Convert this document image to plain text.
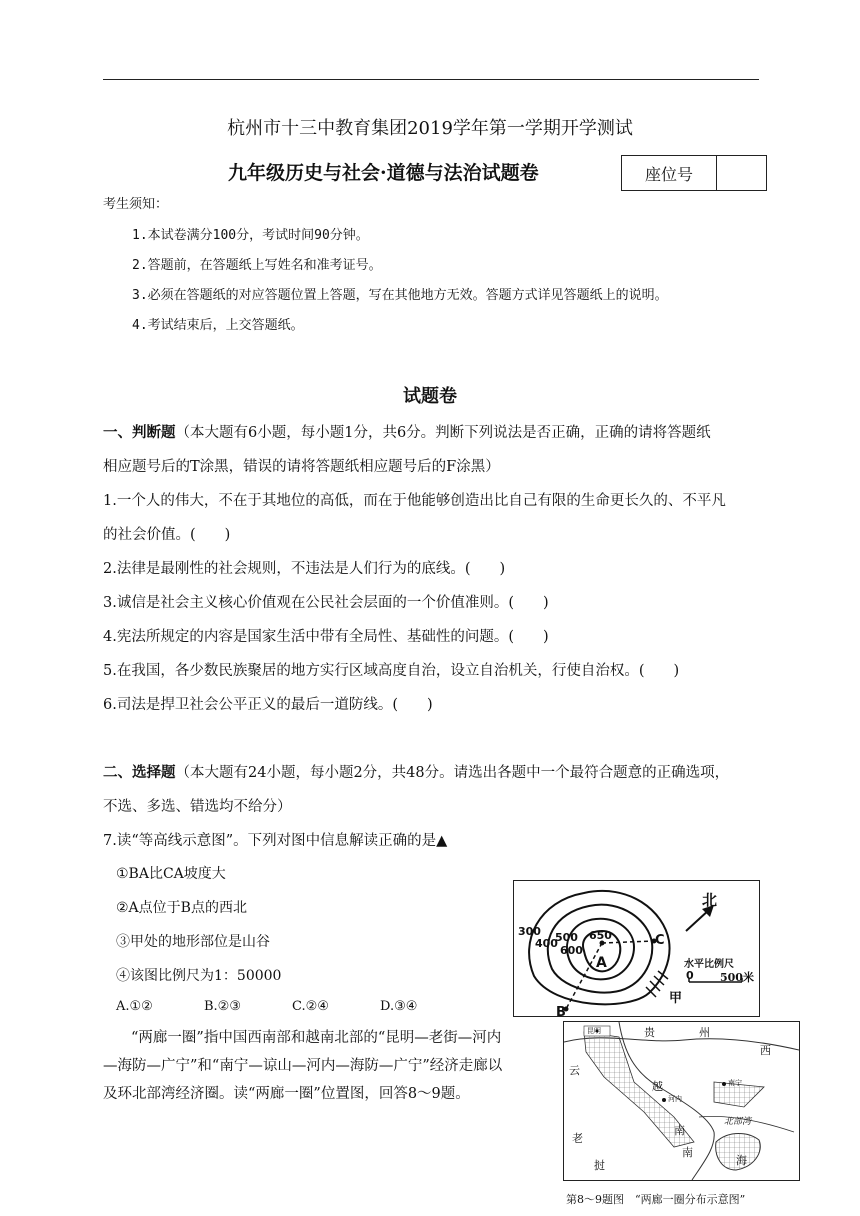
杭州市十三中教育集团2019学年第一学期开学测试
九年级历史与社会·道德与法治试题卷	座位号
考生须知：
1.本试卷满分100分，考试时间90分钟。
2.答题前，在答题纸上写姓名和准考证号。
3.必须在答题纸的对应答题位置上答题，写在其他地方无效。答题方式详见答题纸上的说明。
4.考试结束后，上交答题纸。
试题卷
一、判断题（本大题有6小题，每小题1分，共6分。判断下列说法是否正确，正确的请将答题纸
相应题号后的T涂黑，错误的请将答题纸相应题号后的F涂黑）
1.一个人的伟大，不在于其地位的高低，而在于他能够创造出比自己有限的生命更长久的、不平凡
的社会价值。(　　)
2.法律是最刚性的社会规则，不违法是人们行为的底线。(　　)
3.诚信是社会主义核心价值观在公民社会层面的一个价值准则。(　　)
4.宪法所规定的内容是国家生活中带有全局性、基础性的问题。(　　)
5.在我国，各少数民族聚居的地方实行区域高度自治，设立自治机关，行使自治权。(　　)
6.司法是捍卫社会公平正义的最后一道防线。(　　)
二、选择题（本大题有24小题，每小题2分，共48分。请选出各题中一个最符合题意的正确选项，
不选、多选、错选均不给分）
7.读“等高线示意图”。下列对图中信息解读正确的是▲
①BA比CA坡度大
②A点位于B点的西北
③甲处的地形部位是山谷
④该图比例尺为1：50000
A.①②	B.②③	C.②④	D.③④
“两廊一圈”指中国西南部和越南北部的“昆明—老街—河内
—海防—广宁”和“南宁—谅山—河内—海防—广宁”经济走廊以
及环北部湾经济圈。读“两廊一圈”位置图，回答8～9题。
300
400
500
600
650
A
B
C
甲
北
水平比例尺
0 500米
云
贵	州
西
越
老
挝
南
北部湾
海
南
河内
南宁
昆明
第8～9题图　“两廊一圈分布示意图”
